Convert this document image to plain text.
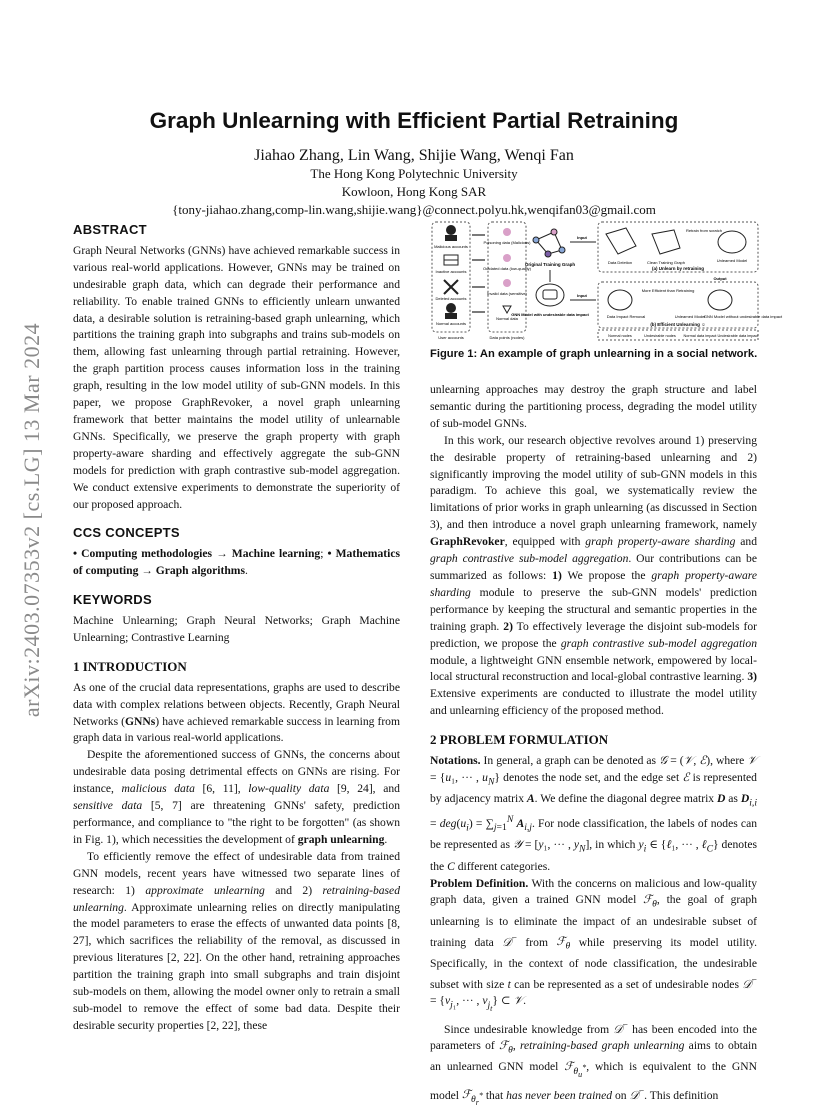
arXiv:2403.07353v2 [cs.LG] 13 Mar 2024
Graph Unlearning with Efficient Partial Retraining
Jiahao Zhang, Lin Wang, Shijie Wang, Wenqi Fan
The Hong Kong Polytechnic University
Kowloon, Hong Kong SAR
{tony-jiahao.zhang,comp-lin.wang,shijie.wang}@connect.polyu.hk,wenqifan03@gmail.com

ABSTRACT

Graph Neural Networks (GNNs) have achieved remarkable success in various real-world applications. However, GNNs may be trained on undesirable graph data, which can degrade their performance and reliability. To enable trained GNNs to efficiently unlearn unwanted data, a desirable solution is retraining-based graph unlearning, which partitions the training graph into subgraphs and trains sub-models on them, allowing fast unlearning through partial retraining. However, the graph partition process causes information loss in the training graph, resulting in the low model utility of sub-GNN models. In this paper, we propose GraphRevoker, a novel graph unlearning framework that better maintains the model utility of unlearnable GNNs. Specifically, we preserve the graph property with graph property-aware sharding and effectively aggregate the sub-GNN models for prediction with graph contrastive sub-model aggregation. We conduct extensive experiments to demonstrate the superiority of our proposed approach.

CCS CONCEPTS

• Computing methodologies → Machine learning; • Mathematics of computing → Graph algorithms.

KEYWORDS

Machine Unlearning; Graph Neural Networks; Graph Machine Unlearning; Contrastive Learning

1 INTRODUCTION

As one of the crucial data representations, graphs are used to describe data with complex relations between objects. Recently, Graph Neural Networks (GNNs) have achieved remarkable success in learning from graph data in various real-world applications.

Despite the aforementioned success of GNNs, the concerns about undesirable data posing detrimental effects on GNNs are rising. For instance, malicious data [6, 11], low-quality data [9, 24], and sensitive data [5, 7] are threatening GNNs' safety, prediction performance, and compliance to "the right to be forgotten" (as shown in Fig. 1), which necessities the development of graph unlearning.

To efficiently remove the effect of undesirable data from trained GNN models, recent years have witnessed two separate lines of research: 1) approximate unlearning and 2) retraining-based unlearning. Approximate unlearning relies on directly manipulating the model parameters to erase the effects of unwanted data points [8, 27], which sacrifices the reliability of the removal, as discussed in previous literatures [2, 22]. On the other hand, retraining approaches partition the training graph into small subgraphs and train disjoint sub-models on them, allowing the model owner only to retrain a small sub-model to remove the effect of some bad data. Despite their desirable security properties [2, 22], these

Malicious accounts
Inactive accounts
Deleted accounts
Normal accounts
User accounts
Poisoning data (Malicious)
Outdated data (low-quality)
Invalid data (sensitive)
Normal data
Data points (nodes)
Original Training Graph
GNN Model with undesirable data impact
Input
Data Deletion	Clean Training Graph
Retrain from scratch
Unlearned Model
(a) Unlearn by retraining
Output
Input
Data Impact Removal
More Efficient than Retraining
Unlearned Model
GNN Model without undesirable data impact
(b) Efficient Unlearning ☺
Normal nodes	Undesirable nodes Normal data impact Undesirable data impact
Figure 1: An example of graph unlearning in a social network.

unlearning approaches may destroy the graph structure and label semantic during the partitioning process, degrading the model utility of sub-model GNNs.

In this work, our research objective revolves around 1) preserving the desirable property of retraining-based unlearning and 2) significantly improving the model utility of sub-GNN models in this paradigm. To achieve this goal, we systematically review the limitations of prior works in graph unlearning (as discussed in Section 3), and then introduce a novel graph unlearning framework, namely GraphRevoker, equipped with graph property-aware sharding and graph contrastive sub-model aggregation. Our contributions can be summarized as follows: 1) We propose the graph property-aware sharding module to preserve the sub-GNN models' prediction performance by keeping the structural and semantic properties in the training graph. 2) To effectively leverage the disjoint sub-models for prediction, we propose the graph contrastive sub-model aggregation module, a lightweight GNN ensemble network, empowered by local-local structural reconstruction and local-global contrastive learning. 3) Extensive experiments are conducted to illustrate the model utility and unlearning efficiency of the proposed method.

2 PROBLEM FORMULATION

Notations. In general, a graph can be denoted as 𝒢 = (𝒱, ℰ), where 𝒱 = {u₁, ··· , $u_N$} denotes the node set, and the edge set ℰ is represented by adjacency matrix A. We define the diagonal degree matrix D as $D_{i,i} = deg(u_i) = \sum_{j=1}^N$ $A_{i,j}$. For node classification, the labels of nodes can be represented as 𝒴 = [y₁, ··· , $y_N$], in which $y_i$ ∈ {ℓ₁, ··· , ℓ$_C$} denotes the C different categories.

Problem Definition. With the concerns on malicious and low-quality graph data, given a trained GNN model ℱ$_\theta$, the goal of graph unlearning is to eliminate the impact of an undesirable subset of training data 𝒟− from ℱ$_\theta$ while preserving its model utility. Specifically, in the context of node classification, the undesirable subset with size t can be represented as a set of undesirable nodes 𝒟− = {$v_{j_1}$, ··· , $v_{j_t}$} ⊂ 𝒱.

Since undesirable knowledge from 𝒟− has been encoded into the parameters of ℱ$_\theta$, retraining-based graph unlearning aims to obtain an unlearned GNN model ℱ$_{\theta_u^*}$, which is equivalent to the GNN model ℱ$_{\theta_r^*}$ that has never been trained on 𝒟−. This definition
